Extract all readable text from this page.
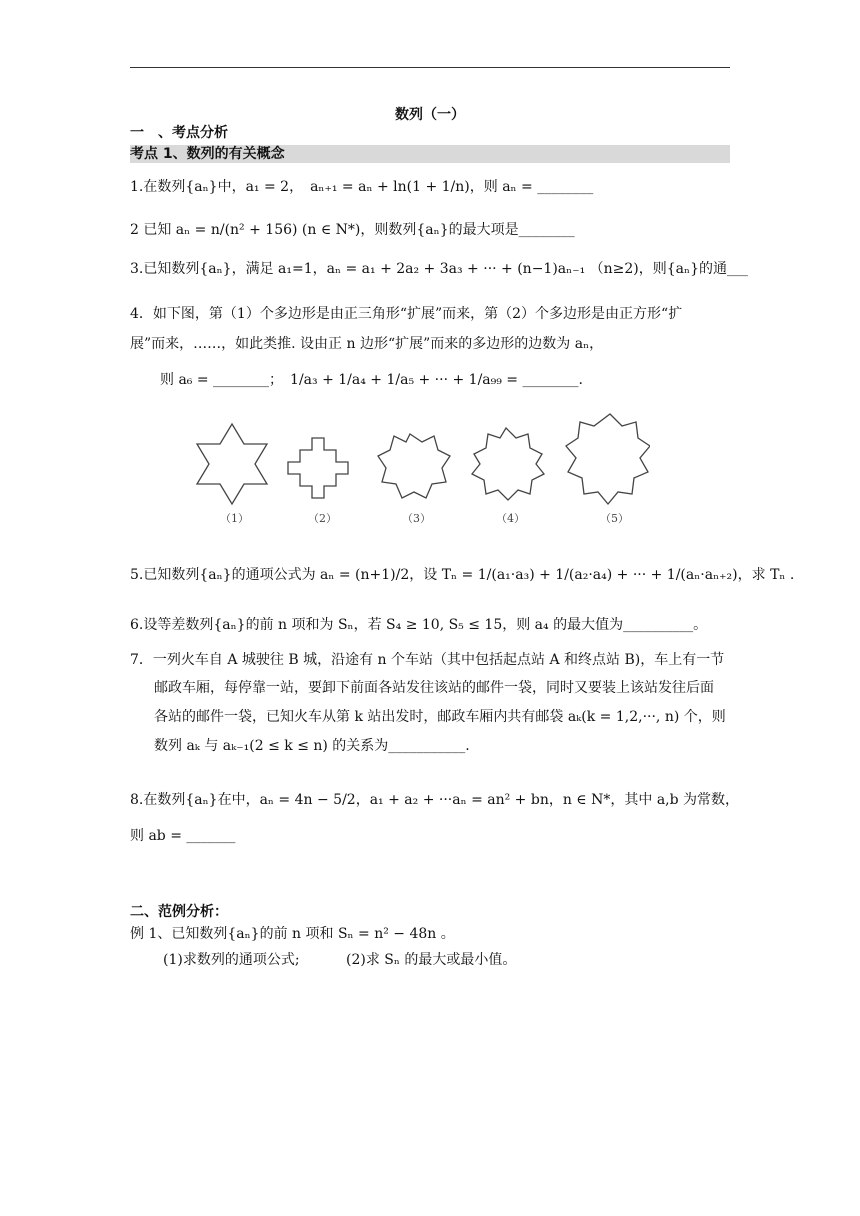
数列（一）
一　、考点分析
考点 1、数列的有关概念
1.在数列{aₙ}中，a₁ = 2，　aₙ₊₁ = aₙ + ln(1 + 1/n)，则 aₙ = ________
2 已知 aₙ = n/(n² + 156) (n ∈ N*)，则数列{aₙ}的最大项是________
3.已知数列{aₙ}，满足 a₁=1，aₙ = a₁ + 2a₂ + 3a₃ + ··· + (n−1)aₙ₋₁ （n≥2)，则{aₙ}的通___
4．如下图，第（1）个多边形是由正三角形“扩展”而来，第（2）个多边形是由正方形“扩
展”而来，……，如此类推. 设由正 n 边形“扩展”而来的多边形的边数为 aₙ，
则 a₆ = ________；　1/a₃ + 1/a₄ + 1/a₅ + ··· + 1/a₉₉ = ________.
（1）	（2）	（3）	（4）	（5）
5.已知数列{aₙ}的通项公式为 aₙ = (n+1)/2，设 Tₙ = 1/(a₁·a₃) + 1/(a₂·a₄) + ··· + 1/(aₙ·aₙ₊₂)，求 Tₙ .
6.设等差数列{aₙ}的前 n 项和为 Sₙ，若 S₄ ≥ 10, S₅ ≤ 15，则 a₄ 的最大值为__________。
7．一列火车自 A 城驶往 B 城，沿途有 n 个车站（其中包括起点站 A 和终点站 B)，车上有一节
邮政车厢，每停靠一站，要卸下前面各站发往该站的邮件一袋，同时又要装上该站发往后面
各站的邮件一袋，已知火车从第 k 站出发时，邮政车厢内共有邮袋 aₖ(k = 1,2,···, n) 个，则
数列 aₖ 与 aₖ₋₁(2 ≤ k ≤ n) 的关系为___________.
8.在数列{aₙ}在中，aₙ = 4n − 5/2，a₁ + a₂ + ···aₙ = an² + bn，n ∈ N*，其中 a,b 为常数，
则 ab = _______
二、范例分析：
例 1、已知数列{aₙ}的前 n 项和 Sₙ = n² − 48n 。
(1)求数列的通项公式;	(2)求 Sₙ 的最大或最小值。
